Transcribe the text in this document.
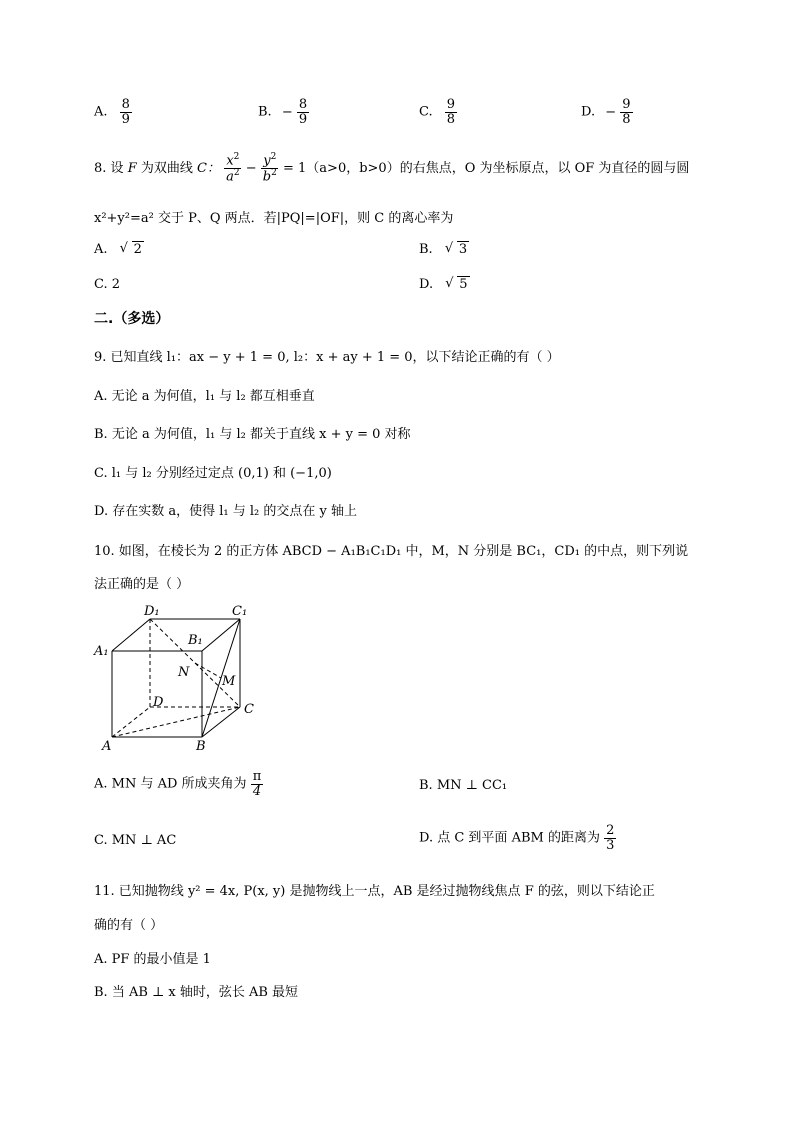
A. $\frac{8}{9}$	B. − $\frac{8}{9}$	C. $\frac{9}{8}$	D. − $\frac{9}{8}$
8. 设 F 为双曲线 C： $\frac{x^2}{a^2} - \frac{y^2}{b^2} = 1(a>0$，b>0）的右焦点，O 为坐标原点，以 OF 为直径的圆与圆
x²+y²=a² 交于 P、Q 两点．若|PQ|=|OF|，则 C 的离心率为
A. √ 2	B. √ 3
C. 2	D. √ 5
二.（多选）
9. 已知直线 l₁：ax − y + 1 = 0, l₂：x + ay + 1 = 0，以下结论正确的有（ ）
A. 无论 a 为何值，l₁ 与 l₂ 都互相垂直
B. 无论 a 为何值，l₁ 与 l₂ 都关于直线 x + y = 0 对称
C. l₁ 与 l₂ 分别经过定点 (0,1) 和 (−1,0)
D. 存在实数 a，使得 l₁ 与 l₂ 的交点在 y 轴上
10. 如图，在棱长为 2 的正方体 ABCD − A₁B₁C₁D₁ 中，M，N 分别是 BC₁，CD₁ 的中点，则下列说
法正确的是（ ）
D₁	C₁
B₁
A₁
N
M
D	C
A	B
A. MN 与 AD 所成夹角为 $\frac{\pi}{4}$	B. MN ⊥ CC₁
C. MN ⊥ AC	D. 点 C 到平面 ABM 的距离为 $\frac{2}{3}$
11. 已知抛物线 y² = 4x, P(x, y) 是抛物线上一点，AB 是经过抛物线焦点 F 的弦，则以下结论正
确的有（ ）
A. PF 的最小值是 1
B. 当 AB ⊥ x 轴时，弦长 AB 最短
